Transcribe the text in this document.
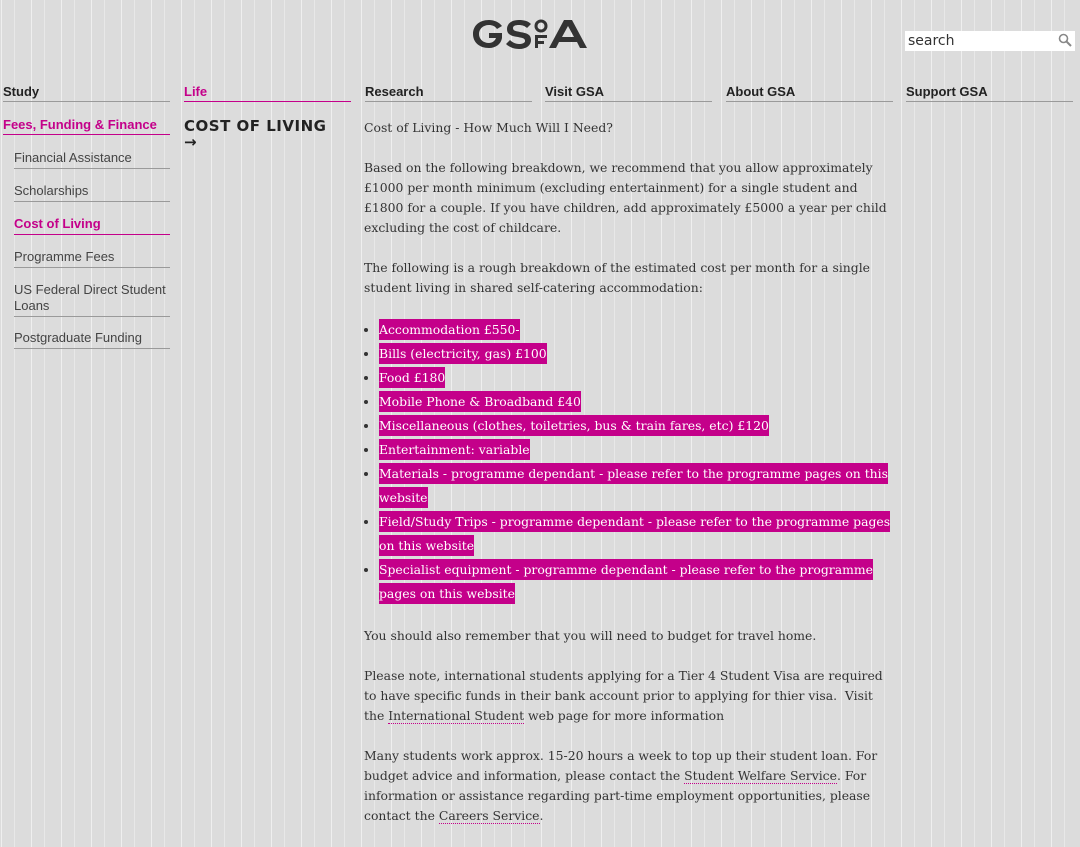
search
Study	Life	Research	Visit GSA	About GSA	Support GSA
Fees, Funding & Finance
Financial Assistance
Scholarships
Cost of Living
Programme Fees
US Federal Direct Student Loans
Postgraduate Funding
COST OF LIVING →

Cost of Living - How Much Will I Need?

Based on the following breakdown, we recommend that you allow approximately £1000 per month minimum (excluding entertainment) for a single student and £1800 for a couple. If you have children, add approximately £5000 a year per child excluding the cost of childcare.

The following is a rough breakdown of the estimated cost per month for a single student living in shared self-catering accommodation:

• Accommodation £550-
• Bills (electricity, gas) £100
• Food £180
• Mobile Phone & Broadband £40
• Miscellaneous (clothes, toiletries, bus & train fares, etc) £120
• Entertainment: variable
• Materials - programme dependant - please refer to the programme pages on this website
• Field/Study Trips - programme dependant - please refer to the programme pages on this website
• Specialist equipment - programme dependant - please refer to the programme pages on this website

You should also remember that you will need to budget for travel home.

Please note, international students applying for a Tier 4 Student Visa are required to have specific funds in their bank account prior to applying for thier visa.  Visit the International Student web page for more information

Many students work approx. 15-20 hours a week to top up their student loan. For budget advice and information, please contact the Student Welfare Service. For information or assistance regarding part-time employment opportunities, please contact the Careers Service.
